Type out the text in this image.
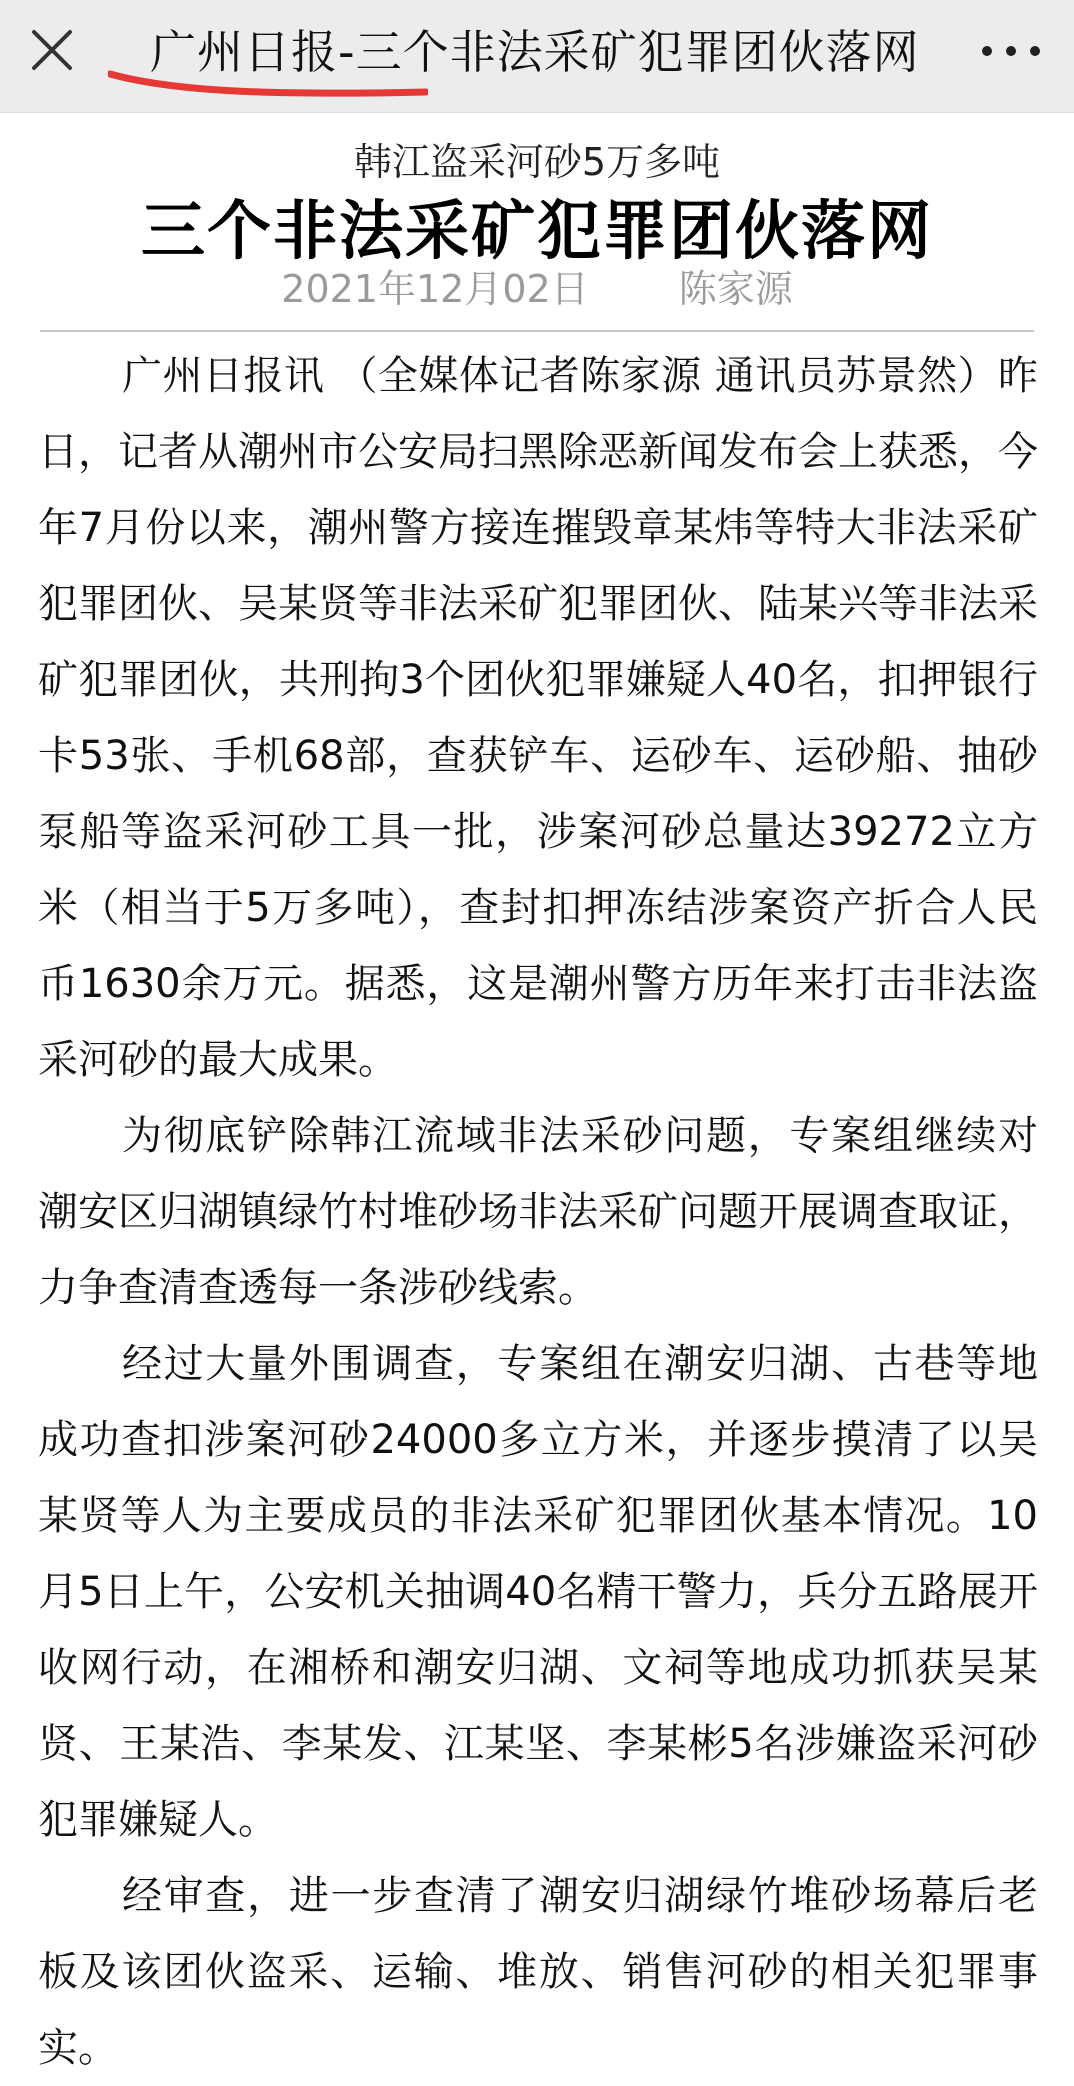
广州日报-三个非法采矿犯罪团伙落网
韩江盗采河砂5万多吨
三个非法采矿犯罪团伙落网
2021年12月02日 陈家源

广州日报讯 （全媒体记者陈家源 通讯员苏景然）昨日，记者从潮州市公安局扫黑除恶新闻发布会上获悉，今年7月份以来，潮州警方接连摧毁章某炜等特大非法采矿犯罪团伙、吴某贤等非法采矿犯罪团伙、陆某兴等非法采矿犯罪团伙，共刑拘3个团伙犯罪嫌疑人40名，扣押银行卡53张、手机68部，查获铲车、运砂车、运砂船、抽砂泵船等盗采河砂工具一批，涉案河砂总量达39272立方米（相当于5万多吨），查封扣押冻结涉案资产折合人民币1630余万元。据悉，这是潮州警方历年来打击非法盗采河砂的最大成果。

为彻底铲除韩江流域非法采砂问题，专案组继续对潮安区归湖镇绿竹村堆砂场非法采矿问题开展调查取证，力争查清查透每一条涉砂线索。

经过大量外围调查，专案组在潮安归湖、古巷等地成功查扣涉案河砂24000多立方米，并逐步摸清了以吴某贤等人为主要成员的非法采矿犯罪团伙基本情况。10月5日上午，公安机关抽调40名精干警力，兵分五路展开收网行动，在湘桥和潮安归湖、文祠等地成功抓获吴某贤、王某浩、李某发、江某坚、李某彬5名涉嫌盗采河砂犯罪嫌疑人。

经审查，进一步查清了潮安归湖绿竹堆砂场幕后老板及该团伙盗采、运输、堆放、销售河砂的相关犯罪事实。
